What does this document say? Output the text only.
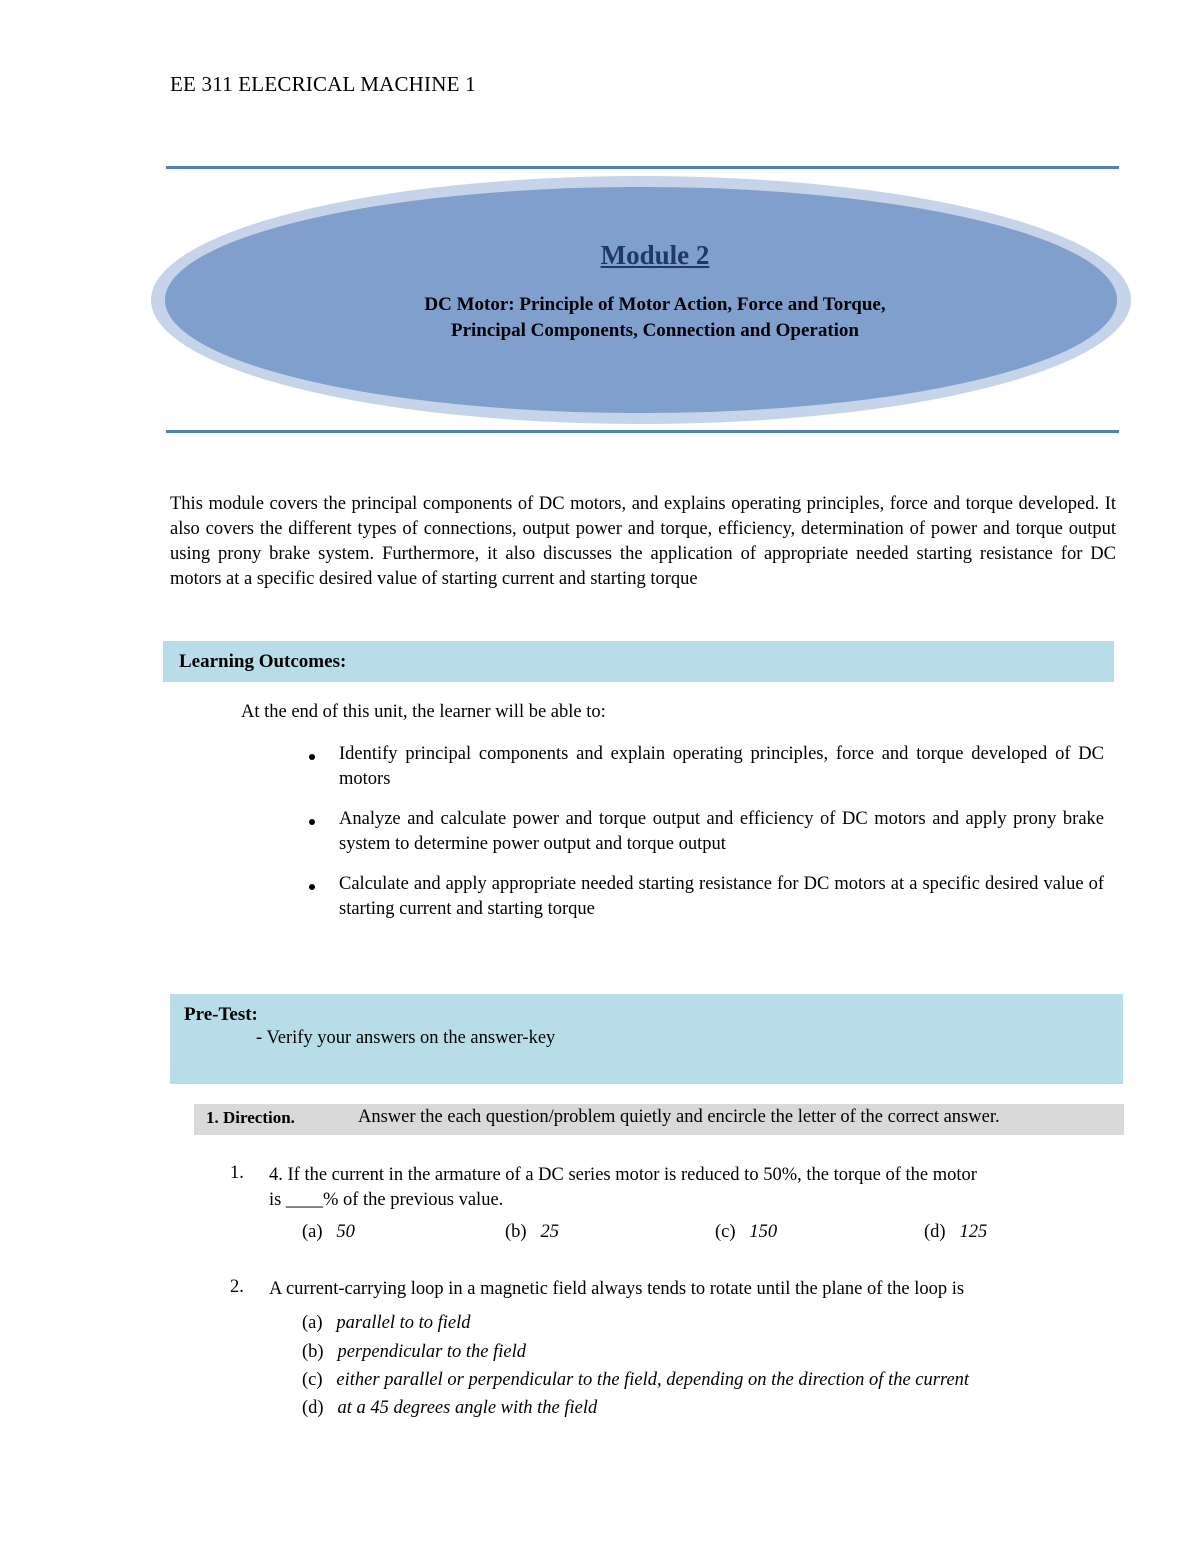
EE 311 ELECRICAL MACHINE 1
Module 2
DC Motor: Principle of Motor Action, Force and Torque,
Principal Components, Connection and Operation
This module covers the principal components of DC motors, and explains operating principles, force and torque developed. It also covers the different types of connections, output power and torque, efficiency, determination of power and torque output using prony brake system. Furthermore, it also discusses the application of appropriate needed starting resistance for DC motors at a specific desired value of starting current and starting torque
Learning Outcomes:
At the end of this unit, the learner will be able to:
Identify principal components and explain operating principles, force and torque developed of DC motors
Analyze and calculate power and torque output and efficiency of DC motors and apply prony brake system to determine power output and torque output
Calculate and apply appropriate needed starting resistance for DC motors at a specific desired value of starting current and starting torque
Pre-Test:
- Verify your answers on the answer-key
1. Direction.	Answer the each question/problem quietly and encircle the letter of the correct answer.
1. 4. If the current in the armature of a DC series motor is reduced to 50%, the torque of the motor
is ____% of the previous value.
(a) 50	(b) 25	(c) 150	(d) 125
2. A current-carrying loop in a magnetic field always tends to rotate until the plane of the loop is
(a) parallel to to field
(b) perpendicular to the field
(c) either parallel or perpendicular to the field, depending on the direction of the current
(d) at a 45 degrees angle with the field
